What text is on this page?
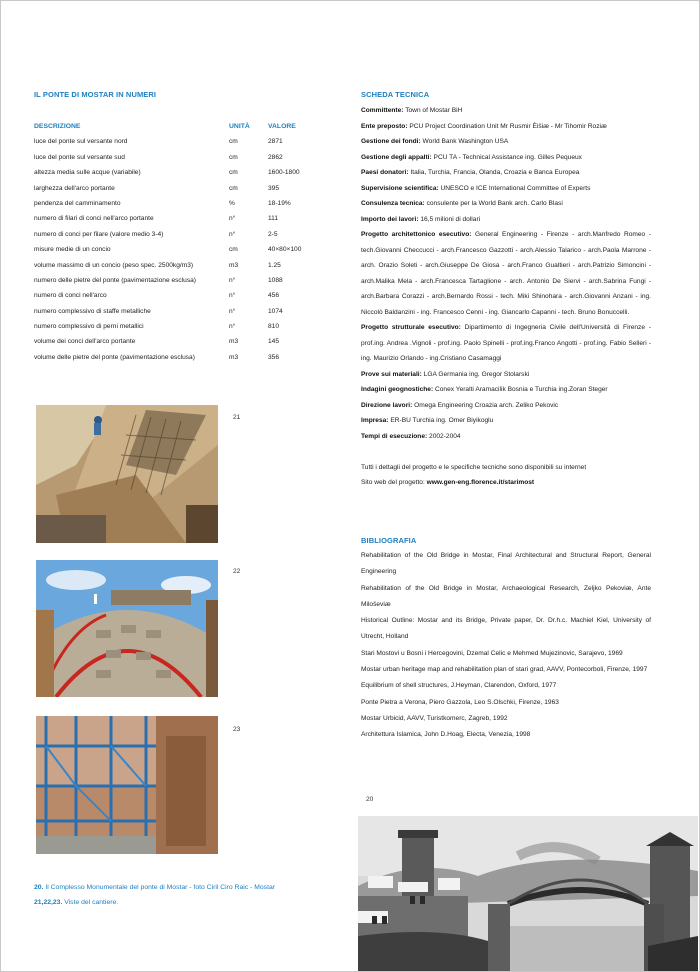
IL PONTE DI MOSTAR IN NUMERI
DESCRIZIONE	UNITÀ	VALORE
luce del ponte sul versante nord	cm	2871
luce del ponte sul versante sud	cm	2862
altezza media sulle acque (variabile)	cm	1600-1800
larghezza dell'arco portante	cm	395
pendenza del camminamento	%	18-19%
numero di filari di conci nell'arco portante	n°	111
numero di conci per filare (valore medio 3-4)	n°	2-5
misure medie di un concio	cm	40×80×100
volume massimo di un concio (peso spec. 2500kg/m3)	m3	1.25
numero delle pietre del ponte (pavimentazione esclusa)	n°	1088
numero di conci nell'arco	n°	456
numero complessivo di staffe metalliche	n°	1074
numero complessivo di perni metallici	n°	810
volume dei conci dell'arco portante	m3	145
volume delle pietre del ponte (pavimentazione esclusa)	m3	356
21
22
23
20. Il Complesso Monumentale del ponte di Mostar - foto Ciril Ciro Raic - Mostar
21,22,23. Viste del cantiere.
SCHEDA TECNICA

Committente: Town of Mostar BiH

Ente preposto: PCU Project Coordination Unit Mr Rusmir Èišiæ - Mr Tihomir Roziæ

Gestione dei fondi: World Bank Washington USA

Gestione degli appalti: PCU TA - Technical Assistance ing. Gilles Pequeux

Paesi donatori: Italia, Turchia, Francia, Olanda, Croazia e Banca Europea

Supervisione scientifica: UNESCO e ICE International Committee of Experts

Consulenza tecnica: consulente per la World Bank arch. Carlo Blasi

Importo dei lavori: 16,5 milioni di dollari

Progetto architettonico esecutivo: General Engineering - Firenze - arch.Manfredo Romeo - tech.Giovanni Checcucci - arch.Francesco Gazzotti - arch.Alessio Talarico - arch.Paola Marrone - arch. Orazio Soleti - arch.Giuseppe De Giosa - arch.Franco Gualtieri - arch.Patrizio Simoncini - arch.Malika Mela - arch.Francesca Tartaglione - arch. Antonio De Siervi - arch.Sabrina Fungi - arch.Barbara Corazzi - arch.Bernardo Rossi - tech. Miki Shinohara - arch.Giovanni Anzani - ing. Niccolò Baldanzini - ing. Francesco Cenni - ing. Giancarlo Capanni - tech. Bruno Bonuccelli.

Progetto strutturale esecutivo: Dipartimento di Ingegneria Civile dell'Università di Firenze - prof.ing. Andrea .Vignoli - prof.ing. Paolo Spinelli - prof.ing.Franco Angotti - prof.ing. Fabio Selleri - ing. Maurizio Orlando - ing.Cristiano Casamaggi

Prove sui materiali: LGA Germania ing. Gregor Stolarski

Indagini geognostiche: Conex Yeralti Aramacilik Bosnia e Turchia ing.Zoran Steger

Direzione lavori: Omega Engineering Croazia arch. Zeliko Pekovic

Impresa: ER-BU Turchia ing. Omer Biyikoglu

Tempi di esecuzione: 2002-2004

Tutti i dettagli del progetto e le specifiche tecniche sono disponibili su internet

Sito web del progetto: www.gen-eng.florence.it/starimost

BIBLIOGRAFIA

Rehabilitation of the Old Bridge in Mostar, Final Architectural and Structural Report, General Engineering

Rehabilitation of the Old Bridge in Mostar, Archaeological Research, Zeljko Pekoviæ, Ante Miloševiæ

Historical Outline: Mostar and its Bridge, Private paper, Dr. Dr.h.c. Machiel Kiel, University of Utrecht, Holland

Stari Mostovi u Bosni i Hercegovini, Dzemal Celic e Mehmed Mujezinovic, Sarajevo, 1969

Mostar urban heritage map and rehabilitation plan of stari grad, AAVV, Pontecorboli, Firenze, 1997

Equilibrium of shell structures, J.Heyman, Clarendon, Oxford, 1977

Ponte Pietra a Verona, Piero Gazzola, Leo S.Olschki, Firenze, 1963

Mostar Urbicid, AAVV, Turistkomerc, Zagreb, 1992

Architettura Islamica, John D.Hoag, Electa, Venezia, 1998

20
